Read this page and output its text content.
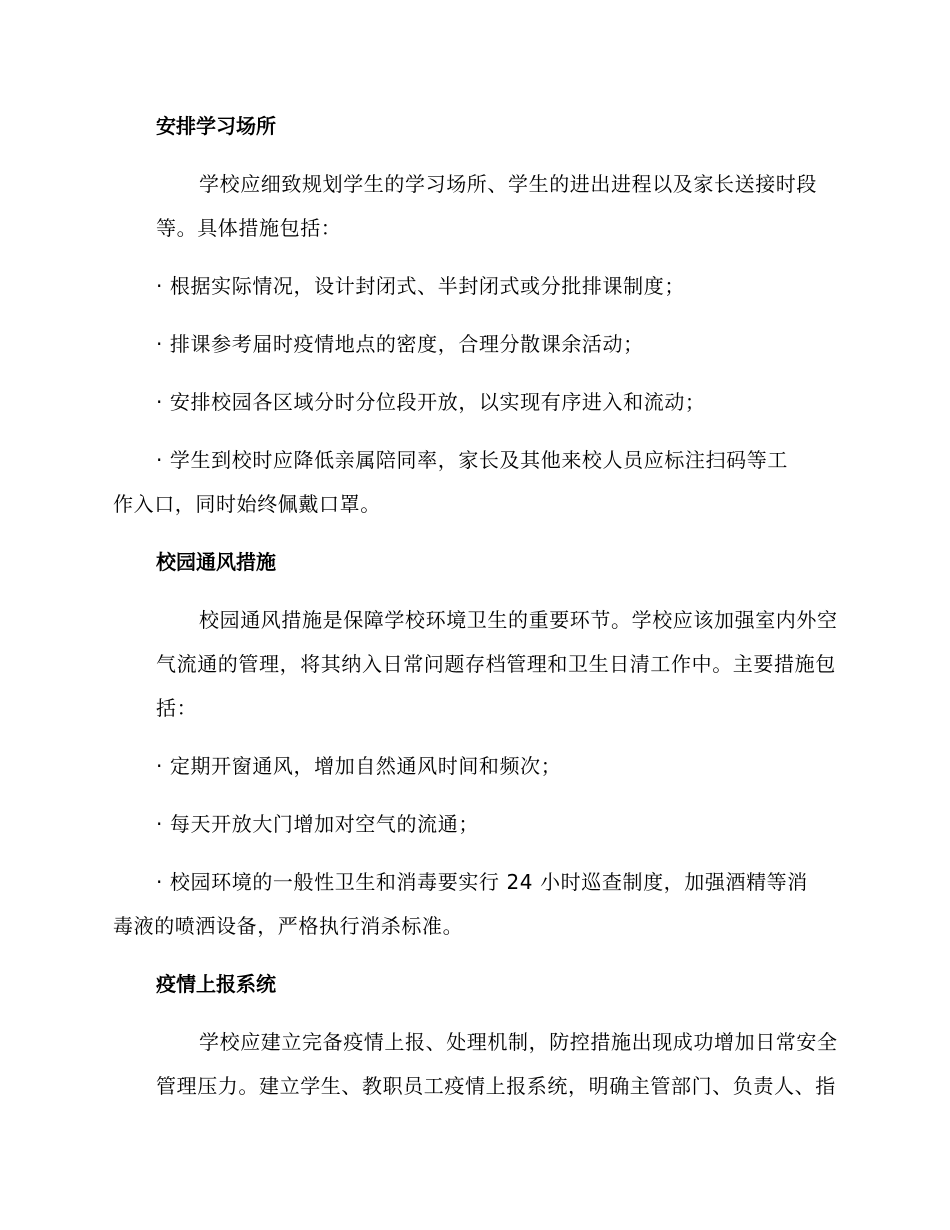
安排学习场所
学校应细致规划学生的学习场所、学生的进出进程以及家长送接时段
等。具体措施包括：
· 根据实际情况，设计封闭式、半封闭式或分批排课制度；
· 排课参考届时疫情地点的密度，合理分散课余活动；
· 安排校园各区域分时分位段开放，以实现有序进入和流动；
· 学生到校时应降低亲属陪同率，家长及其他来校人员应标注扫码等工
作入口，同时始终佩戴口罩。
校园通风措施
校园通风措施是保障学校环境卫生的重要环节。学校应该加强室内外空
气流通的管理，将其纳入日常问题存档管理和卫生日清工作中。主要措施包
括：
· 定期开窗通风，增加自然通风时间和频次；
· 每天开放大门增加对空气的流通；
· 校园环境的一般性卫生和消毒要实行 24 小时巡查制度，加强酒精等消
毒液的喷洒设备，严格执行消杀标准。
疫情上报系统
学校应建立完备疫情上报、处理机制，防控措施出现成功增加日常安全
管理压力。建立学生、教职员工疫情上报系统，明确主管部门、负责人、指
